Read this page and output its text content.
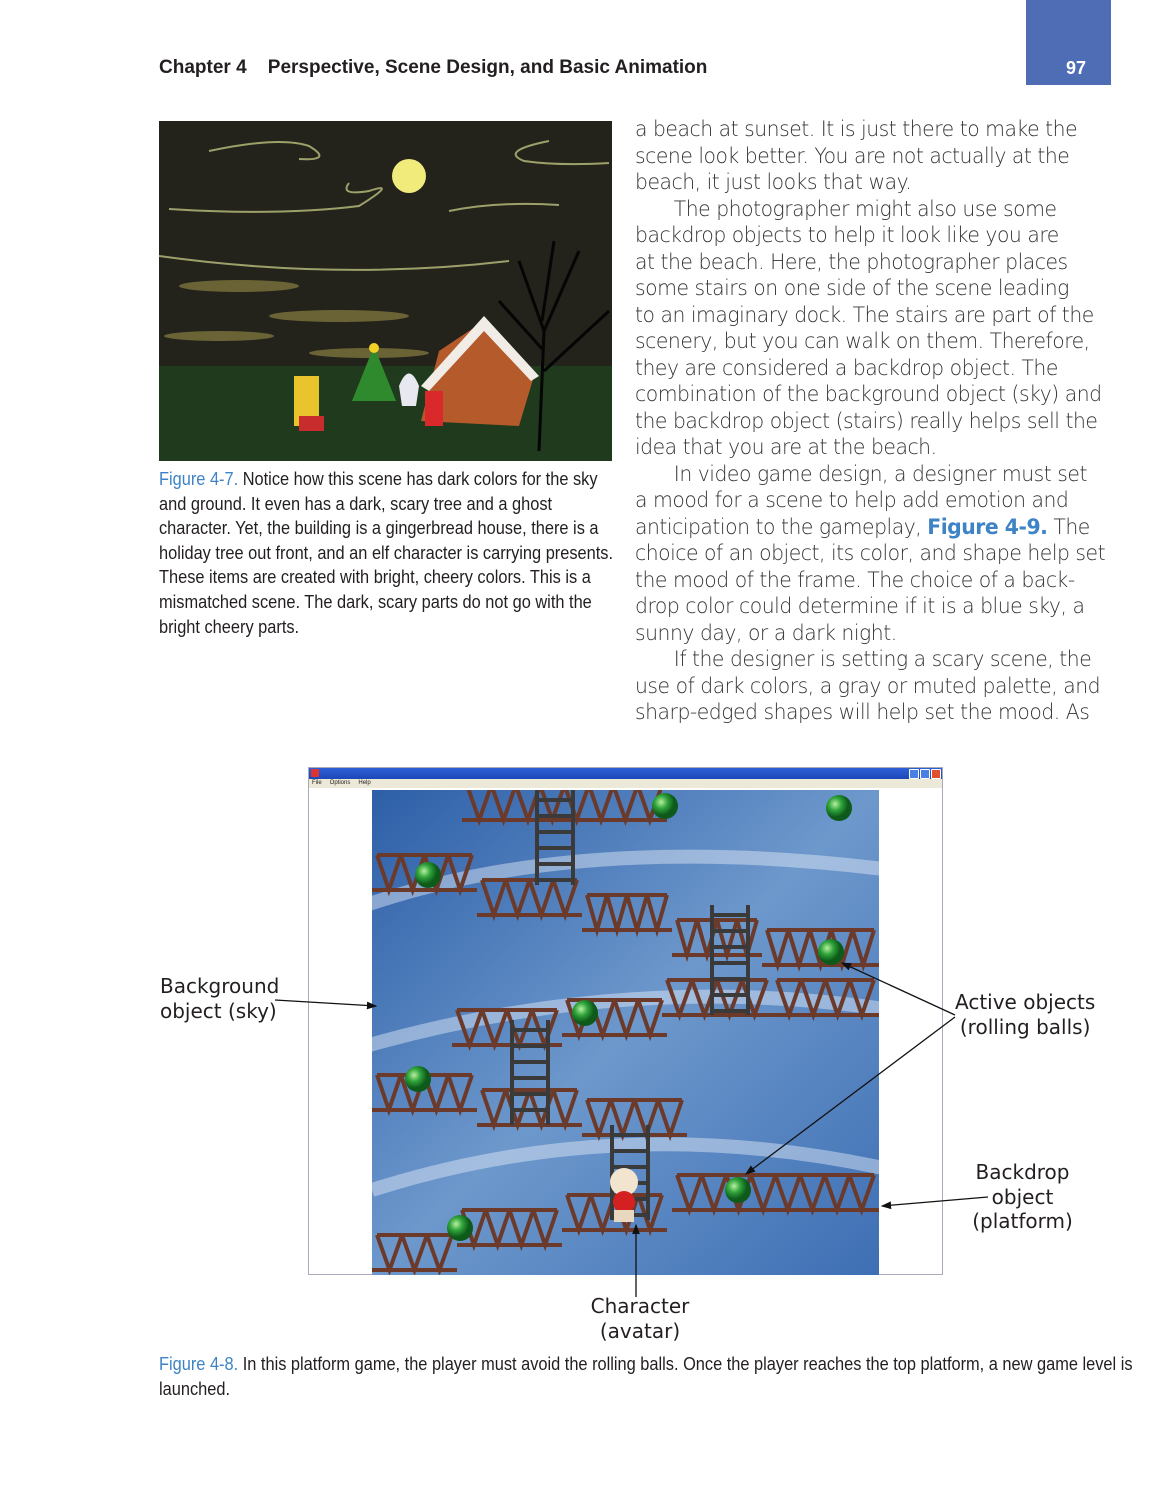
97
Chapter 4 Perspective, Scene Design, and Basic Animation
Figure 4-7. Notice how this scene has dark colors for the sky and ground. It even has a dark, scary tree and a ghost character. Yet, the building is a gingerbread house, there is a holiday tree out front, and an elf character is carrying presents. These items are created with bright, cheery colors. This is a mismatched scene. The dark, scary parts do not go with the bright cheery parts.
a beach at sunset. It is just there to make the
scene look better. You are not actually at the
beach, it just looks that way.
The photographer might also use some
backdrop objects to help it look like you are
at the beach. Here, the photographer places
some stairs on one side of the scene leading
to an imaginary dock. The stairs are part of the
scenery, but you can walk on them. Therefore,
they are considered a backdrop object. The
combination of the background object (sky) and
the backdrop object (stairs) really helps sell the
idea that you are at the beach.
In video game design, a designer must set
a mood for a scene to help add emotion and
anticipation to the gameplay, Figure 4-9. The
choice of an object, its color, and shape help set
the mood of the frame. The choice of a back-
drop color could determine if it is a blue sky, a
sunny day, or a dark night.
If the designer is setting a scary scene, the
use of dark colors, a gray or muted palette, and
sharp-edged shapes will help set the mood. As
File Options Help
Background
object (sky)	Active objects
(rolling balls)
Backdrop
object
(platform)
Character
(avatar)
Figure 4-8. In this platform game, the player must avoid the rolling balls. Once the player reaches the top platform, a new game level is launched.
